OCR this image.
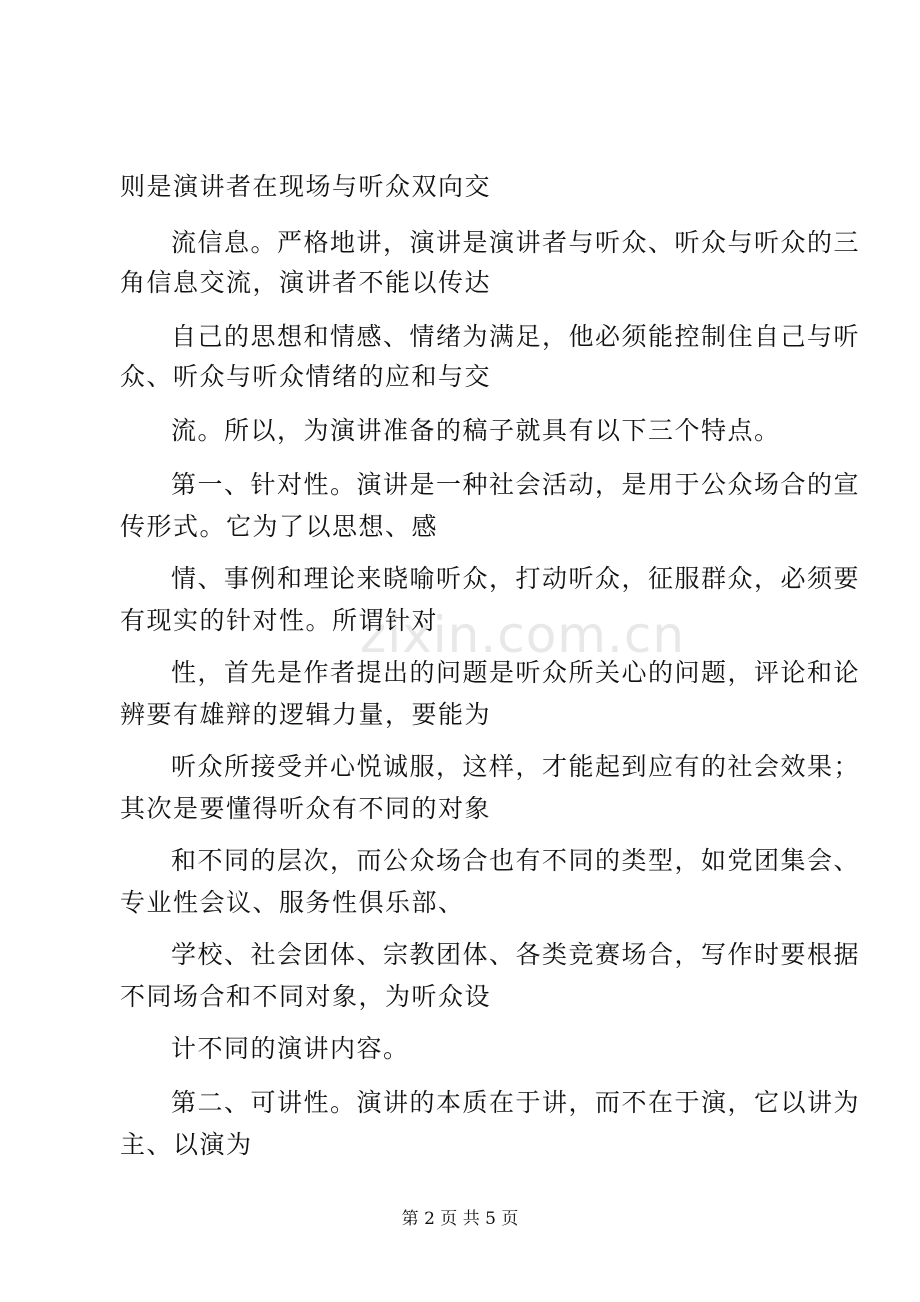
zixin.com.cn
则是演讲者在现场与听众双向交
流信息。严格地讲，演讲是演讲者与听众、听众与听众的三
角信息交流，演讲者不能以传达
自己的思想和情感、情绪为满足，他必须能控制住自己与听
众、听众与听众情绪的应和与交
流。所以，为演讲准备的稿子就具有以下三个特点。
第一、针对性。演讲是一种社会活动，是用于公众场合的宣
传形式。它为了以思想、感
情、事例和理论来晓喻听众，打动听众，征服群众，必须要
有现实的针对性。所谓针对
性，首先是作者提出的问题是听众所关心的问题，评论和论
辨要有雄辩的逻辑力量，要能为
听众所接受并心悦诚服，这样，才能起到应有的社会效果；
其次是要懂得听众有不同的对象
和不同的层次，而公众场合也有不同的类型，如党团集会、
专业性会议、服务性俱乐部、
学校、社会团体、宗教团体、各类竞赛场合，写作时要根据
不同场合和不同对象，为听众设
计不同的演讲内容。
第二、可讲性。演讲的本质在于讲，而不在于演，它以讲为
主、以演为
第 2 页 共 5 页
